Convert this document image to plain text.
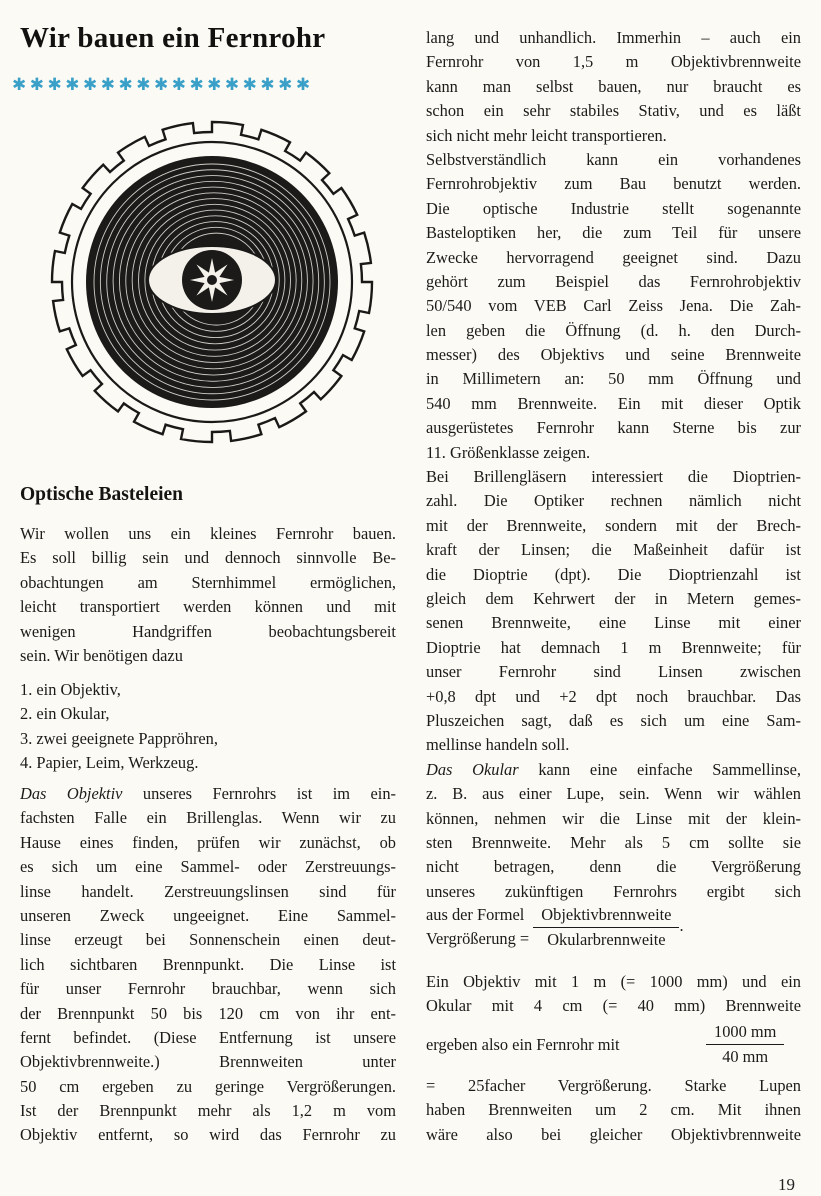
Wir bauen ein Fernrohr
✱✱✱✱✱✱✱✱✱✱✱✱✱✱✱✱✱
Optische Basteleien
Wir wollen uns ein kleines Fernrohr bauen.
Es soll billig sein und dennoch sinnvolle Be-
obachtungen am Sternhimmel ermöglichen,
leicht transportiert werden können und mit
wenigen Handgriffen beobachtungsbereit
sein. Wir benötigen dazu
1. ein Objektiv,
2. ein Okular,
3. zwei geeignete Pappröhren,
4. Papier, Leim, Werkzeug.
Das Objektiv unseres Fernrohrs ist im ein-
fachsten Falle ein Brillenglas. Wenn wir zu
Hause eines finden, prüfen wir zunächst, ob
es sich um eine Sammel- oder Zerstreuungs-
linse handelt. Zerstreuungslinsen sind für
unseren Zweck ungeeignet. Eine Sammel-
linse erzeugt bei Sonnenschein einen deut-
lich sichtbaren Brennpunkt. Die Linse ist
für unser Fernrohr brauchbar, wenn sich
der Brennpunkt 50 bis 120 cm von ihr ent-
fernt befindet. (Diese Entfernung ist unsere
Objektivbrennweite.) Brennweiten unter
50 cm ergeben zu geringe Vergrößerungen.
Ist der Brennpunkt mehr als 1,2 m vom
Objektiv entfernt, so wird das Fernrohr zu
lang und unhandlich. Immerhin – auch ein
Fernrohr von 1,5 m Objektivbrennweite
kann man selbst bauen, nur braucht es
schon ein sehr stabiles Stativ, und es läßt
sich nicht mehr leicht transportieren.
Selbstverständlich kann ein vorhandenes
Fernrohrobjektiv zum Bau benutzt werden.
Die optische Industrie stellt sogenannte
Basteloptiken her, die zum Teil für unsere
Zwecke hervorragend geeignet sind. Dazu
gehört zum Beispiel das Fernrohrobjektiv
50/540 vom VEB Carl Zeiss Jena. Die Zah-
len geben die Öffnung (d. h. den Durch-
messer) des Objektivs und seine Brennweite
in Millimetern an: 50 mm Öffnung und
540 mm Brennweite. Ein mit dieser Optik
ausgerüstetes Fernrohr kann Sterne bis zur
11. Größenklasse zeigen.
Bei Brillengläsern interessiert die Dioptrien-
zahl. Die Optiker rechnen nämlich nicht
mit der Brennweite, sondern mit der Brech-
kraft der Linsen; die Maßeinheit dafür ist
die Dioptrie (dpt). Die Dioptrienzahl ist
gleich dem Kehrwert der in Metern gemes-
senen Brennweite, eine Linse mit einer
Dioptrie hat demnach 1 m Brennweite; für
unser Fernrohr sind Linsen zwischen
+0,8 dpt und +2 dpt noch brauchbar. Das
Pluszeichen sagt, daß es sich um eine Sam-
mellinse handeln soll.
Das Okular kann eine einfache Sammellinse,
z. B. aus einer Lupe, sein. Wenn wir wählen
können, nehmen wir die Linse mit der klein-
sten Brennweite. Mehr als 5 cm sollte sie
nicht betragen, denn die Vergrößerung
unseres zukünftigen Fernrohrs ergibt sich
aus der Formel
Vergrößerung =
$\frac{\text{Objektivbrennweite}}{\text{Okularbrennweite}}$ .
Ein Objektiv mit 1 m (= 1000 mm) und ein
Okular mit 4 cm (= 40 mm) Brennweite
ergeben also ein Fernrohr mit	$\frac{1000 mm}{40 mm}$
= 25facher Vergrößerung. Starke Lupen
haben Brennweiten um 2 cm. Mit ihnen
wäre also bei gleicher Objektivbrennweite
19
